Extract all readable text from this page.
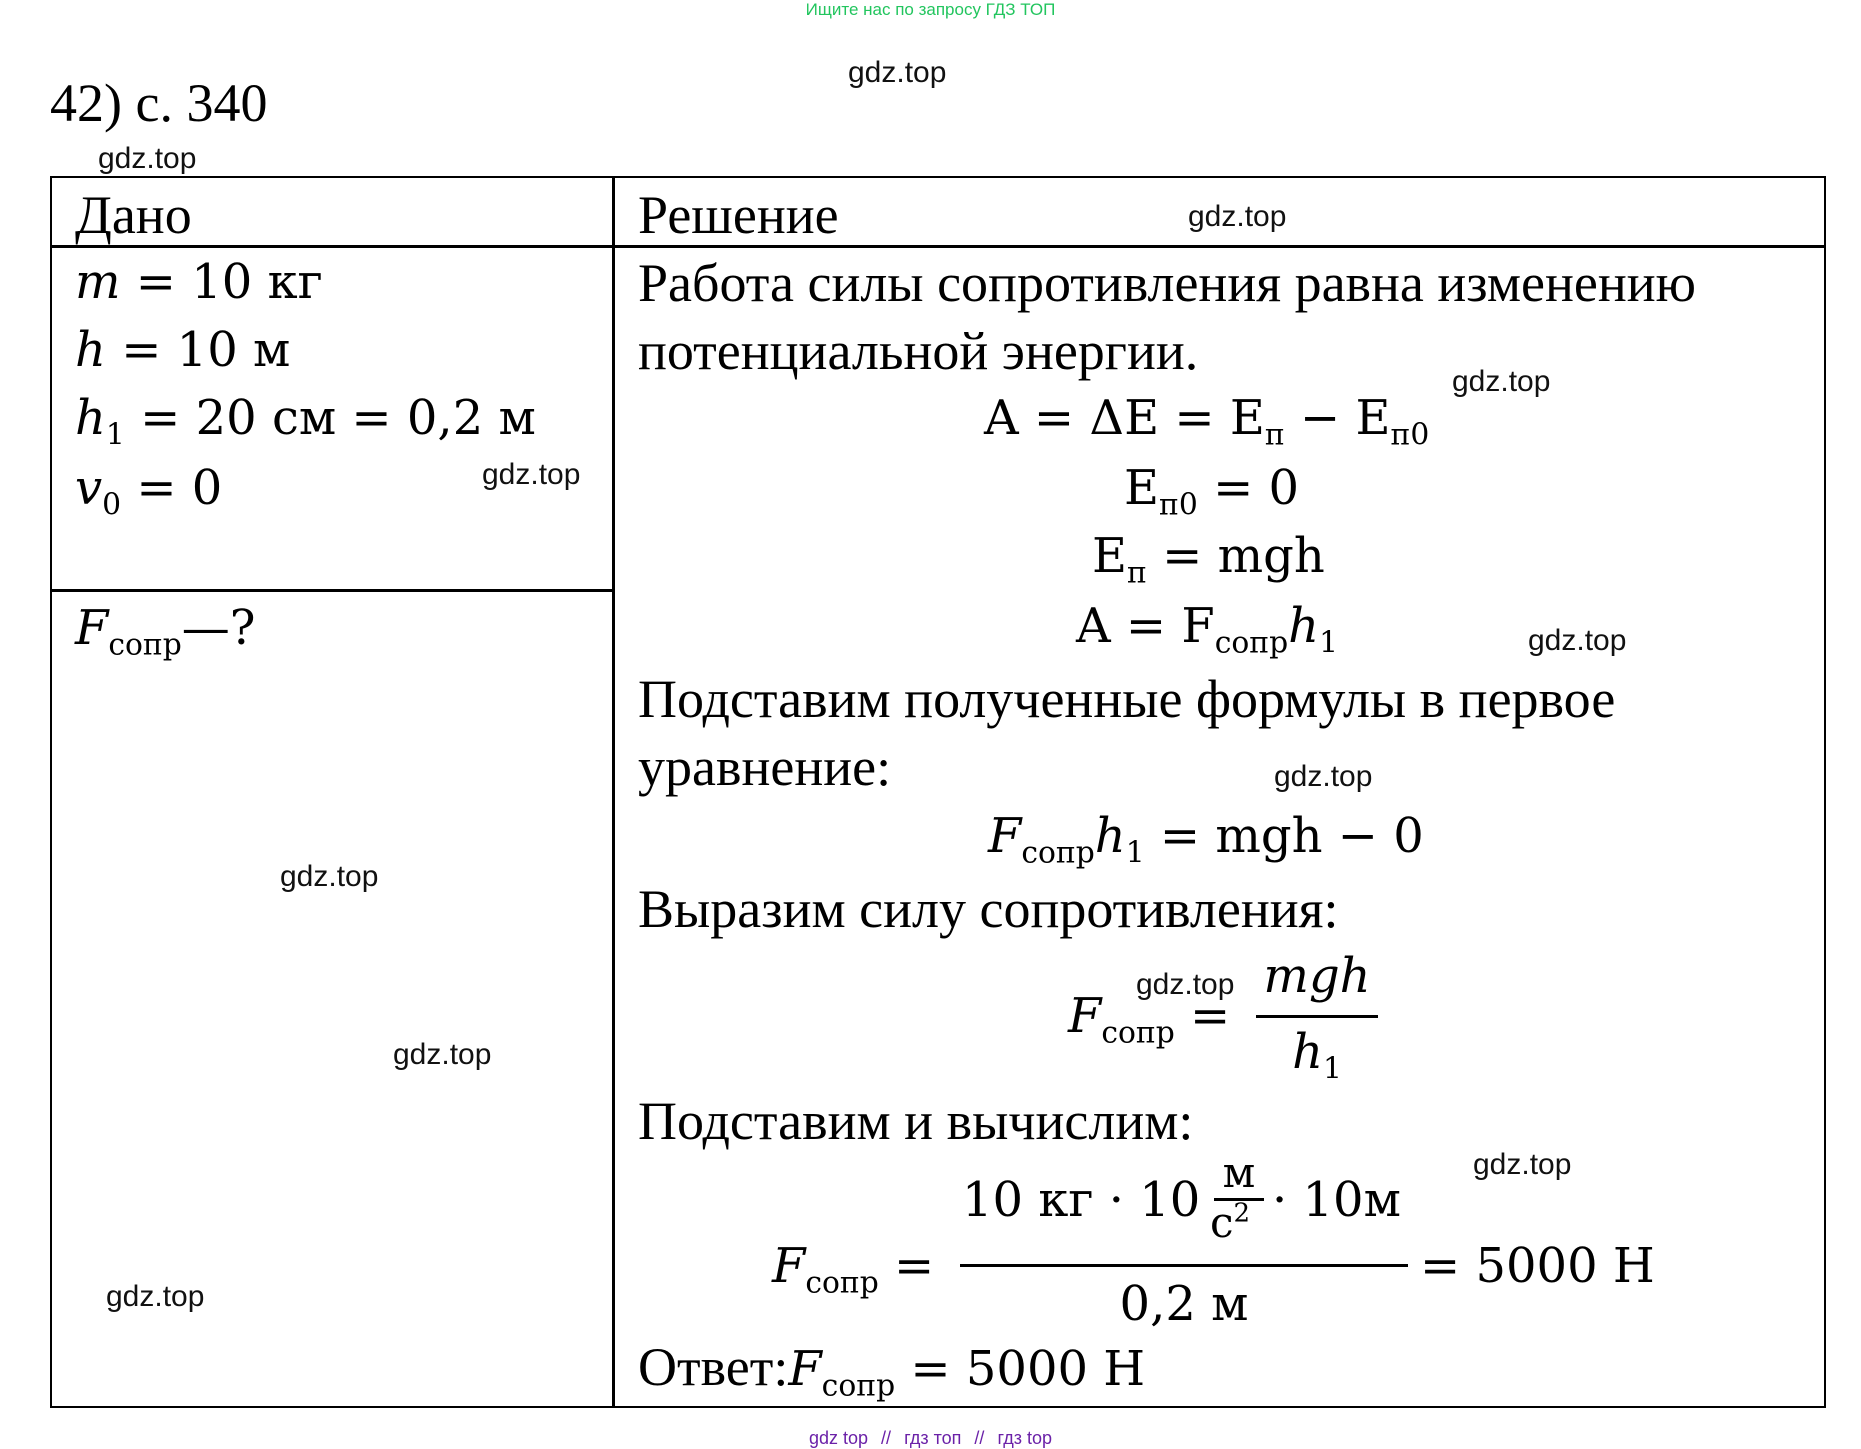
Ищите нас по запросу ГДЗ ТОП
42) с. 340
gdz.top
gdz.top
gdz.top
gdz.top
gdz.top
gdz.top
gdz.top
gdz.top
gdz.top
gdz.top
gdz.top
gdz.top
Дано	Решение
m = 10 кг
h = 10 м
$h_1 = 20$ см = 0,2 м
$v_0 = 0$
$F_{сопр}—$?
Работа силы сопротивления равна изменению
потенциальной энергии.
$A = \Delta E = E_п - E_{п0}$
$E_{п0} = 0$
$E_п$ = mgh
$A = F_{сопр}h_1$
Подставим полученные формулы в первое
уравнение:
$F_{сопр}h_1$ = mgh − 0
Выразим силу сопротивления:
$F_{сопр}$ =
mgh
$h_1$
Подставим и вычислим:
$F_{сопр}$ =
10 кг · 10 м
$c^2 \cdot 10м$
0,2 м
= 5000 Н
$Ответ:F_{сопр} = 5000$ Н
gdz top // гдз топ // гдз top
